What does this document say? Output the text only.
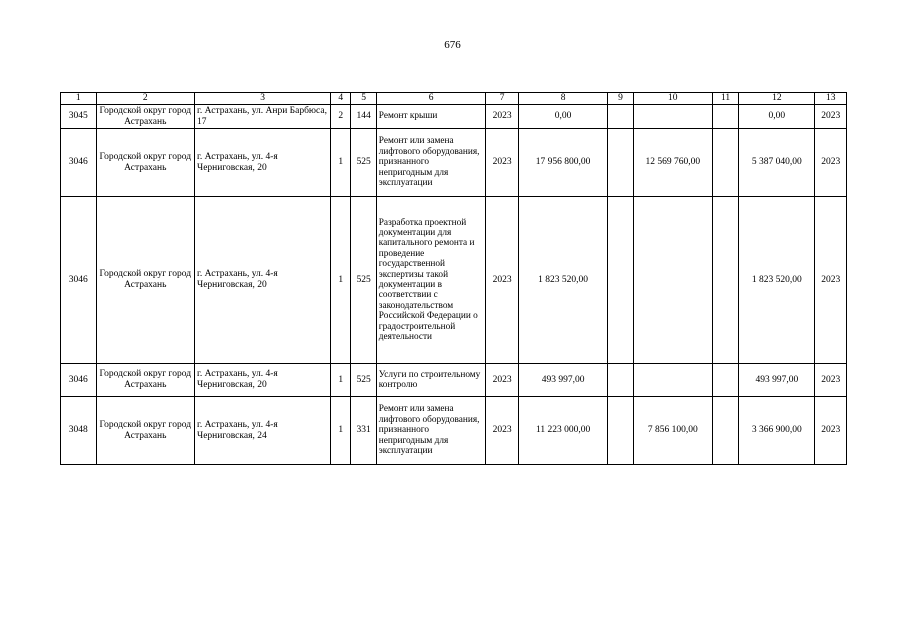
676
1	2	3	4	5	6	7	8	9	10	11	12	13
3045	Городской округ город Астрахань	г. Астрахань, ул. Анри Барбюса, 17	2	144	Ремонт крыши	2023	0,00				0,00	2023
3046	Городской округ город Астрахань	г. Астрахань, ул. 4-я Черниговская, 20	1	525	Ремонт или замена лифтового оборудования, признанного непригодным для эксплуатации	2023	17 956 800,00		12 569 760,00		5 387 040,00	2023
3046	Городской округ город Астрахань	г. Астрахань, ул. 4-я Черниговская, 20	1	525	Разработка проектной документации для капитального ремонта и проведение государственной экспертизы такой документации в соответствии с законодательством Российской Федерации о градостроительной деятельности	2023	1 823 520,00				1 823 520,00	2023
3046	Городской округ город Астрахань	г. Астрахань, ул. 4-я Черниговская, 20	1	525	Услуги по строительному контролю	2023	493 997,00				493 997,00	2023
3048	Городской округ город Астрахань	г. Астрахань, ул. 4-я Черниговская, 24	1	331	Ремонт или замена лифтового оборудования, признанного непригодным для эксплуатации	2023	11 223 000,00		7 856 100,00		3 366 900,00	2023
